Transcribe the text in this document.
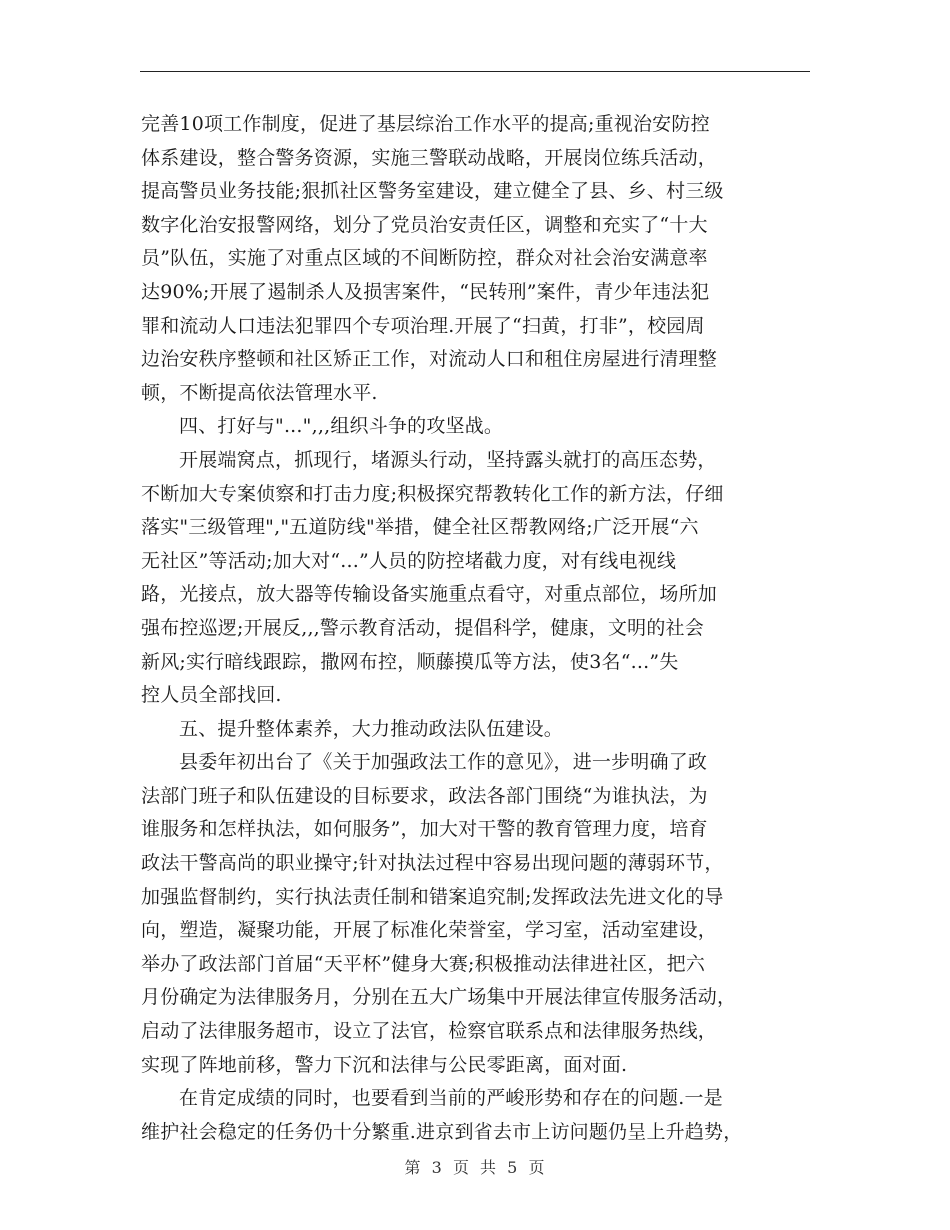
完善10项工作制度，促进了基层综治工作水平的提高;重视治安防控
体系建设，整合警务资源，实施三警联动战略，开展岗位练兵活动，
提高警员业务技能;狠抓社区警务室建设，建立健全了县、乡、村三级
数字化治安报警网络，划分了党员治安责任区，调整和充实了“十大
员”队伍，实施了对重点区域的不间断防控，群众对社会治安满意率
达90%;开展了遏制杀人及损害案件，“民转刑”案件，青少年违法犯
罪和流动人口违法犯罪四个专项治理.开展了“扫黄，打非”，校园周
边治安秩序整顿和社区矫正工作，对流动人口和租住房屋进行清理整
顿，不断提高依法管理水平.
四、打好与"...",,,组织斗争的攻坚战。
开展端窝点，抓现行，堵源头行动，坚持露头就打的高压态势，
不断加大专案侦察和打击力度;积极探究帮教转化工作的新方法，仔细
落实"三级管理","五道防线"举措，健全社区帮教网络;广泛开展“六
无社区”等活动;加大对“...”人员的防控堵截力度，对有线电视线
路，光接点，放大器等传输设备实施重点看守，对重点部位，场所加
强布控巡逻;开展反,,,警示教育活动，提倡科学，健康，文明的社会
新风;实行暗线跟踪，撒网布控，顺藤摸瓜等方法，使3名“...”失
控人员全部找回.
五、提升整体素养，大力推动政法队伍建设。
县委年初出台了《关于加强政法工作的意见》，进一步明确了政
法部门班子和队伍建设的目标要求，政法各部门围绕“为谁执法，为
谁服务和怎样执法，如何服务”，加大对干警的教育管理力度，培育
政法干警高尚的职业操守;针对执法过程中容易出现问题的薄弱环节，
加强监督制约，实行执法责任制和错案追究制;发挥政法先进文化的导
向，塑造，凝聚功能，开展了标准化荣誉室，学习室，活动室建设，
举办了政法部门首届“天平杯”健身大赛;积极推动法律进社区，把六
月份确定为法律服务月，分别在五大广场集中开展法律宣传服务活动，
启动了法律服务超市，设立了法官，检察官联系点和法律服务热线，
实现了阵地前移，警力下沉和法律与公民零距离，面对面.
在肯定成绩的同时，也要看到当前的严峻形势和存在的问题.一是
维护社会稳定的任务仍十分繁重.进京到省去市上访问题仍呈上升趋势，
第 3 页 共 5 页
